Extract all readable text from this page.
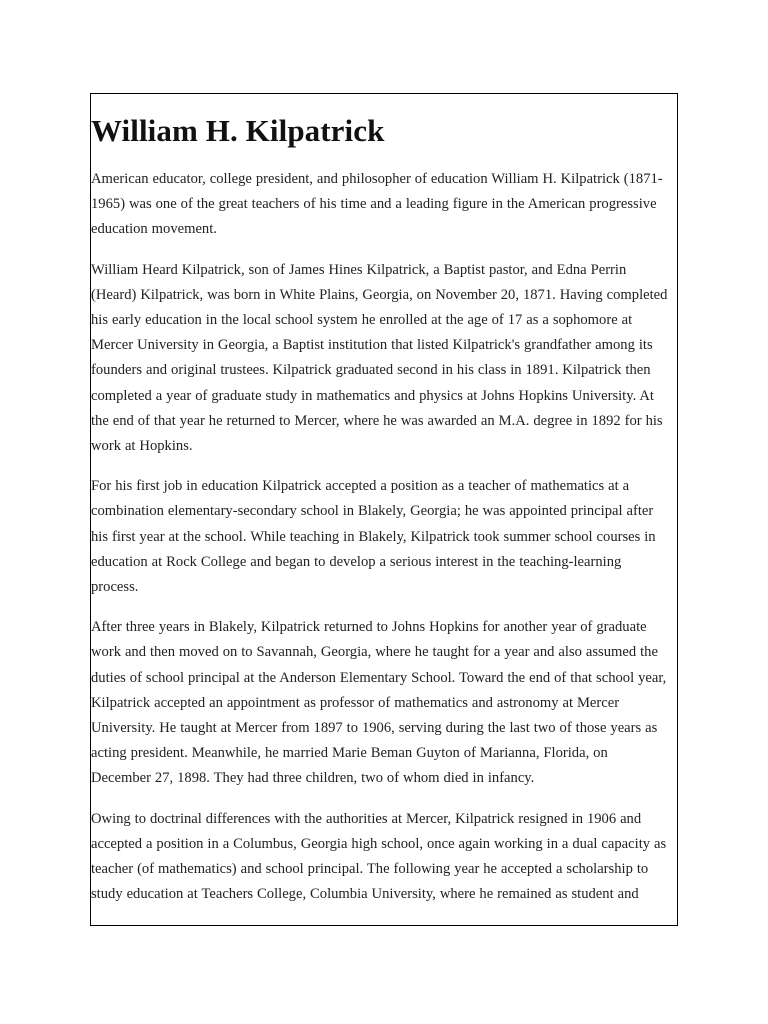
William H. Kilpatrick

American educator, college president, and philosopher of education William H. Kilpatrick (1871-1965) was one of the great teachers of his time and a leading figure in the American progressive education movement.

William Heard Kilpatrick, son of James Hines Kilpatrick, a Baptist pastor, and Edna Perrin (Heard) Kilpatrick, was born in White Plains, Georgia, on November 20, 1871. Having completed his early education in the local school system he enrolled at the age of 17 as a sophomore at Mercer University in Georgia, a Baptist institution that listed Kilpatrick's grandfather among its founders and original trustees. Kilpatrick graduated second in his class in 1891. Kilpatrick then completed a year of graduate study in mathematics and physics at Johns Hopkins University. At the end of that year he returned to Mercer, where he was awarded an M.A. degree in 1892 for his work at Hopkins.

For his first job in education Kilpatrick accepted a position as a teacher of mathematics at a combination elementary-secondary school in Blakely, Georgia; he was appointed principal after his first year at the school. While teaching in Blakely, Kilpatrick took summer school courses in education at Rock College and began to develop a serious interest in the teaching-learning process.

After three years in Blakely, Kilpatrick returned to Johns Hopkins for another year of graduate work and then moved on to Savannah, Georgia, where he taught for a year and also assumed the duties of school principal at the Anderson Elementary School. Toward the end of that school year, Kilpatrick accepted an appointment as professor of mathematics and astronomy at Mercer University. He taught at Mercer from 1897 to 1906, serving during the last two of those years as acting president. Meanwhile, he married Marie Beman Guyton of Marianna, Florida, on December 27, 1898. They had three children, two of whom died in infancy.

Owing to doctrinal differences with the authorities at Mercer, Kilpatrick resigned in 1906 and accepted a position in a Columbus, Georgia high school, once again working in a dual capacity as teacher (of mathematics) and school principal. The following year he accepted a scholarship to study education at Teachers College, Columbia University, where he remained as student and
